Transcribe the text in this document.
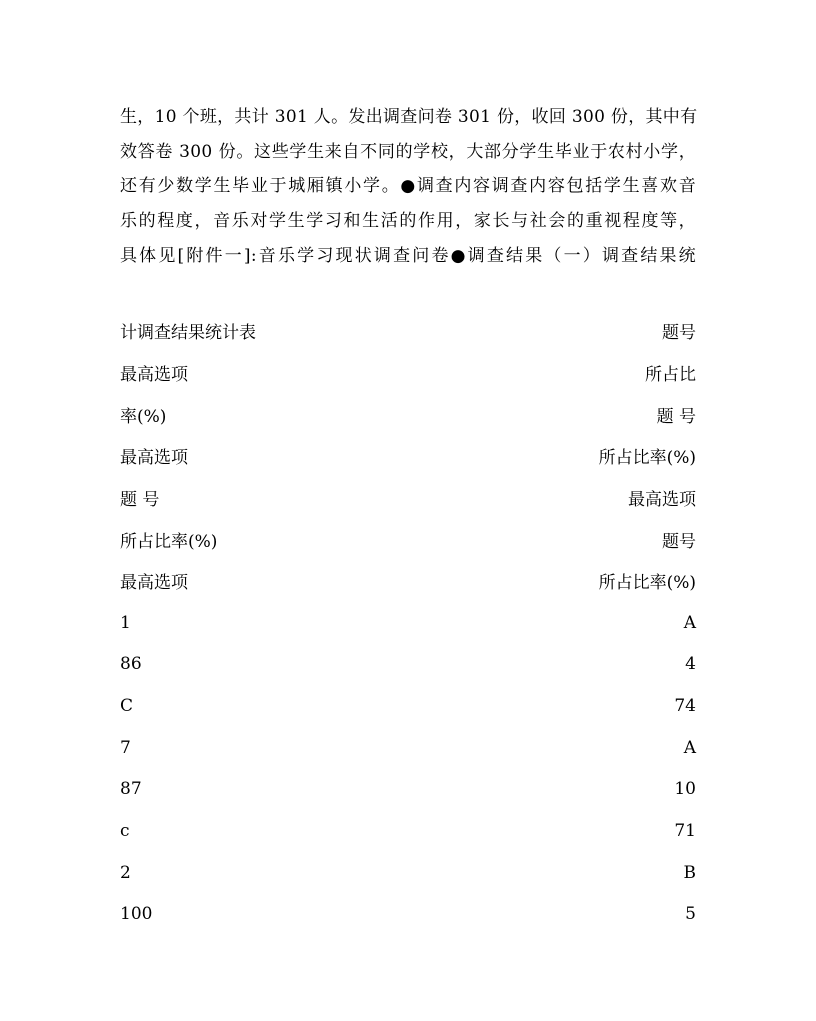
生，10 个班，共计 301 人。发出调查问卷 301 份，收回 300 份，其中有
效答卷 300 份。这些学生来自不同的学校，大部分学生毕业于农村小学，
还有少数学生毕业于城厢镇小学。●调查内容调查内容包括学生喜欢音
乐的程度，音乐对学生学习和生活的作用，家长与社会的重视程度等，
具体见[附件一]:音乐学习现状调查问卷●调查结果（一）调查结果统
计调查结果统计表	题号
最高选项	所占比
率(%)	题 号
最高选项	所占比率(%)
题 号	最高选项
所占比率(%)	题号
最高选项	所占比率(%)
1	A
86	4
C	74
7	A
87	10
c	71
2	B
100	5
